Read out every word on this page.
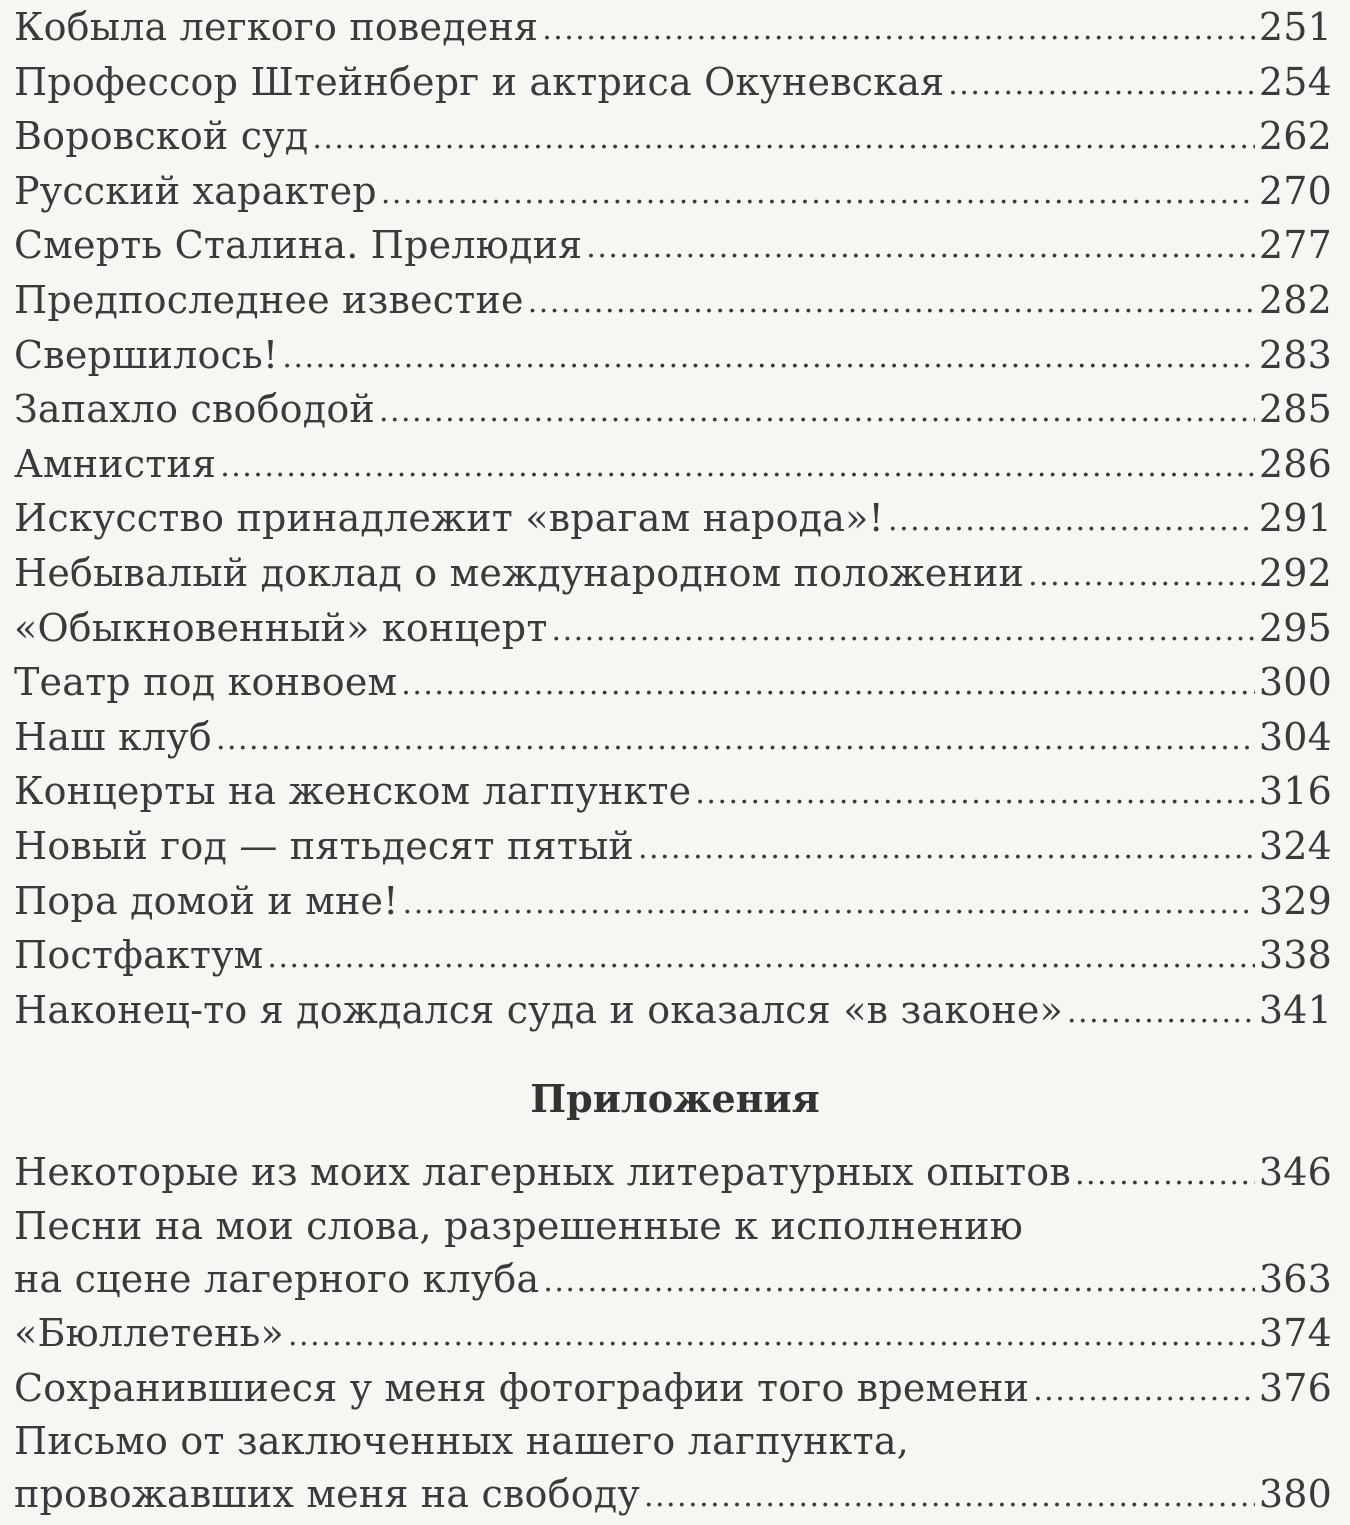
Кобыла легкого поведеня .....	251
Профессор Штейнберг и актриса Окуневская .....	254
Воровской суд .....	262
Русский характер .....	270
Смерть Сталина. Прелюдия .....	277
Предпоследнее известие .....	282
Свершилось! .....	283
Запахло свободой .....	285
Амнистия .....	286
Искусство принадлежит «врагам народа»! .....	291
Небывалый доклад о международном положении .....	292
«Обыкновенный» концерт .....	295
Театр под конвоем .....	300
Наш клуб .....	304
Концерты на женском лагпункте .....	316
Новый год — пятьдесят пятый .....	324
Пора домой и мне! .....	329
Постфактум .....	338
Наконец-то я дождался суда и оказался «в законе» .....	341
Приложения
Некоторые из моих лагерных литературных опытов .....	346
Песни на мои слова, разрешенные к исполнению
на сцене лагерного клуба .....	363
«Бюллетень» .....	374
Сохранившиеся у меня фотографии того времени .....	376
Письмо от заключенных нашего лагпункта,
провожавших меня на свободу .....	380
